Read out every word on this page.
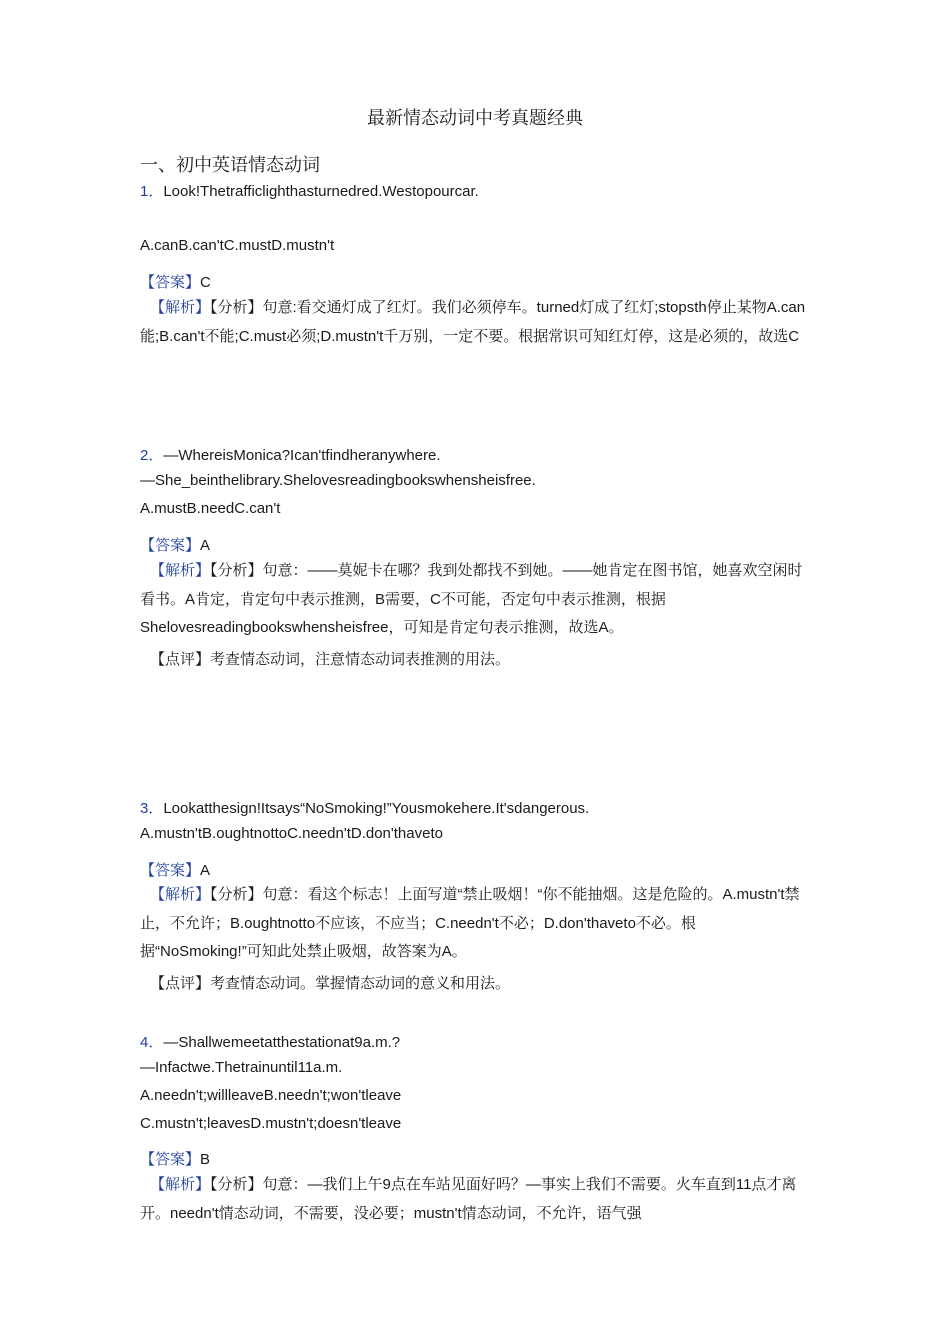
最新情态动词中考真题经典
一、初中英语情态动词
1．Look!Thetrafficlighthasturnedred.Westopourcar.
A.canB.can'tC.mustD.mustn't
【答案】C
【解析】【分析】句意:看交通灯成了红灯。我们必须停车。turned灯成了红灯;stopsth停止某物A.can能;B.can't不能;C.must必须;D.mustn't千万别，一定不要。根据常识可知红灯停，这是必须的，故选C
2．—WhereisMonica?Ican'tfindheranywhere.
—She_beinthelibrary.Shelovesreadingbookswhensheisfree.
A.mustB.needC.can't
【答案】A
【解析】【分析】句意：——莫妮卡在哪？我到处都找不到她。——她肯定在图书馆，她喜欢空闲时看书。A肯定，肯定句中表示推测，B需要，C不可能，否定句中表示推测，根据Shelovesreadingbookswhensheisfree，可知是肯定句表示推测，故选A。
【点评】考查情态动词，注意情态动词表推测的用法。
3．Lookatthesign!Itsays“NoSmoking!”Yousmokehere.It'sdangerous.
A.mustn'tB.oughtnottoC.needn'tD.don'thaveto
【答案】A
【解析】【分析】句意：看这个标志！上面写道“禁止吸烟！“你不能抽烟。这是危险的。A.mustn't禁止，不允许；B.oughtnotto不应该，不应当；C.needn't不必；D.don'thaveto不必。根据“NoSmoking!”可知此处禁止吸烟，故答案为A。
【点评】考查情态动词。掌握情态动词的意义和用法。
4．—Shallwemeetatthestationat9a.m.?
—Infactwe.Thetrainuntil11a.m.
A.needn't;willleaveB.needn't;won'tleave
C.mustn't;leavesD.mustn't;doesn'tleave
【答案】B
【解析】【分析】句意：—我们上午9点在车站见面好吗？—事实上我们不需要。火车直到11点才离开。needn't情态动词，不需要，没必要；mustn't情态动词，不允许，语气强
